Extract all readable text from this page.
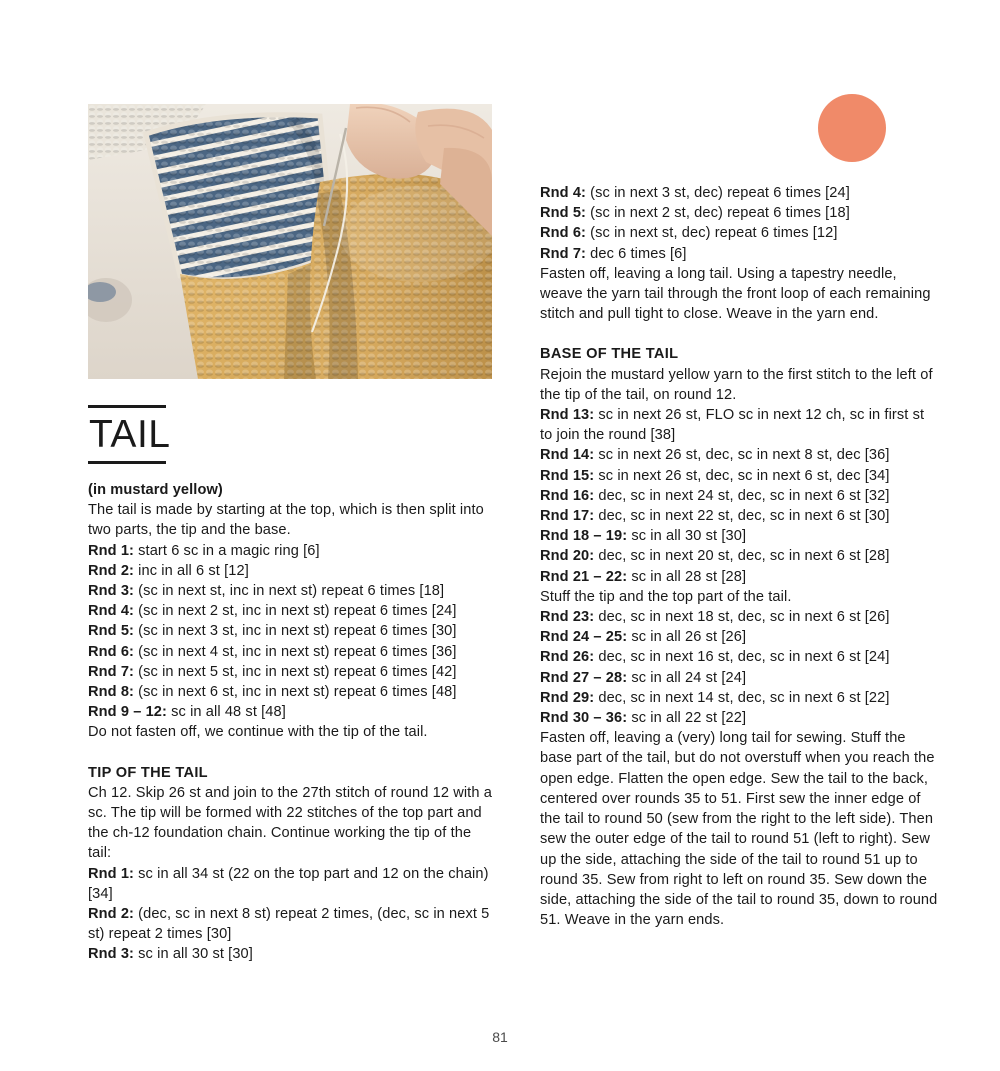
TAIL

(in mustard yellow)

The tail is made by starting at the top, which is then split into two parts, the tip and the base.

Rnd 1: start 6 sc in a magic ring [6]

Rnd 2: inc in all 6 st [12]

Rnd 3: (sc in next st, inc in next st) repeat 6 times [18]

Rnd 4: (sc in next 2 st, inc in next st) repeat 6 times [24]

Rnd 5: (sc in next 3 st, inc in next st) repeat 6 times [30]

Rnd 6: (sc in next 4 st, inc in next st) repeat 6 times [36]

Rnd 7: (sc in next 5 st, inc in next st) repeat 6 times [42]

Rnd 8: (sc in next 6 st, inc in next st) repeat 6 times [48]

Rnd 9 – 12: sc in all 48 st [48]

Do not fasten off, we continue with the tip of the tail.

TIP OF THE TAIL

Ch 12. Skip 26 st and join to the 27th stitch of round 12 with a sc. The tip will be formed with 22 stitches of the top part and the ch-12 foundation chain. Continue working the tip of the tail:

Rnd 1: sc in all 34 st (22 on the top part and 12 on the chain) [34]

Rnd 2: (dec, sc in next 8 st) repeat 2 times, (dec, sc in next 5 st) repeat 2 times [30]

Rnd 3: sc in all 30 st [30]

Rnd 4: (sc in next 3 st, dec) repeat 6 times [24]

Rnd 5: (sc in next 2 st, dec) repeat 6 times [18]

Rnd 6: (sc in next st, dec) repeat 6 times [12]

Rnd 7: dec 6 times [6]

Fasten off, leaving a long tail. Using a tapestry needle, weave the yarn tail through the front loop of each remaining stitch and pull tight to close. Weave in the yarn end.

BASE OF THE TAIL

Rejoin the mustard yellow yarn to the first stitch to the left of the tip of the tail, on round 12.

Rnd 13: sc in next 26 st, FLO sc in next 12 ch, sc in first st to join the round [38]

Rnd 14: sc in next 26 st, dec, sc in next 8 st, dec [36]

Rnd 15: sc in next 26 st, dec, sc in next 6 st, dec [34]

Rnd 16: dec, sc in next 24 st, dec, sc in next 6 st [32]

Rnd 17: dec, sc in next 22 st, dec, sc in next 6 st [30]

Rnd 18 – 19: sc in all 30 st [30]

Rnd 20: dec, sc in next 20 st, dec, sc in next 6 st [28]

Rnd 21 – 22: sc in all 28 st [28]

Stuff the tip and the top part of the tail.

Rnd 23: dec, sc in next 18 st, dec, sc in next 6 st [26]

Rnd 24 – 25: sc in all 26 st [26]

Rnd 26: dec, sc in next 16 st, dec, sc in next 6 st [24]

Rnd 27 – 28: sc in all 24 st [24]

Rnd 29: dec, sc in next 14 st, dec, sc in next 6 st [22]

Rnd 30 – 36: sc in all 22 st [22]

Fasten off, leaving a (very) long tail for sewing. Stuff the base part of the tail, but do not overstuff when you reach the open edge. Flatten the open edge. Sew the tail to the back, centered over rounds 35 to 51. First sew the inner edge of the tail to round 50 (sew from the right to the left side). Then sew the outer edge of the tail to round 51 (left to right). Sew up the side, attaching the side of the tail to round 51 up to round 35. Sew from right to left on round 35. Sew down the side, attaching the side of the tail to round 35, down to round 51. Weave in the yarn ends.

81
